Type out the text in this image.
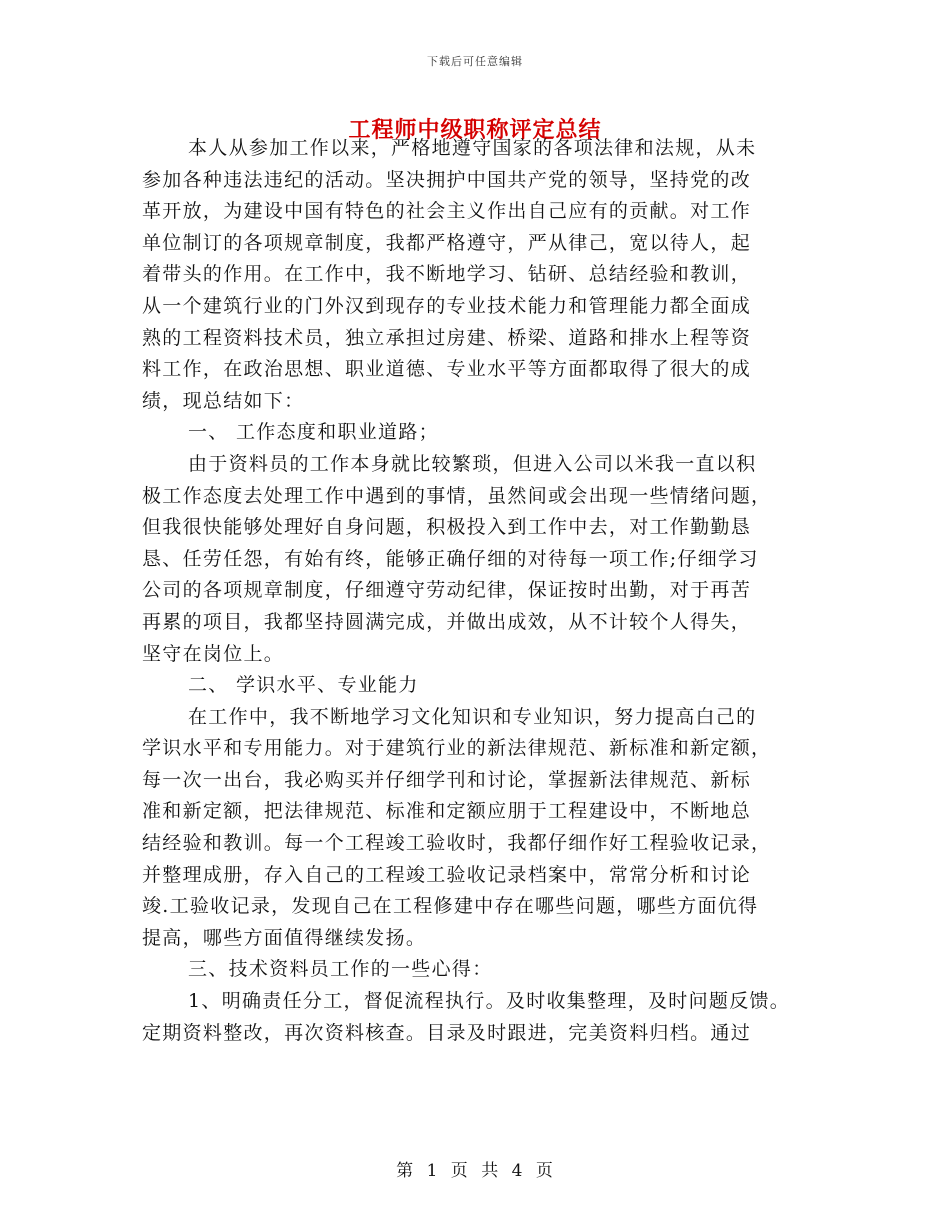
下载后可任意编辑
工程师中级职称评定总结
本人从参加工作以来，严格地遵守国家的各项法律和法规，从未
参加各种违法违纪的活动。坚决拥护中国共产党的领导，坚持党的改
革开放，为建设中国有特色的社会主义作出自己应有的贡献。对工作
单位制订的各项规章制度，我都严格遵守，严从律己，宽以待人，起
着带头的作用。在工作中，我不断地学习、钻研、总结经验和教训，
从一个建筑行业的门外汉到现存的专业技术能力和管理能力都全面成
熟的工程资料技术员，独立承担过房建、桥梁、道路和排水上程等资
料工作，在政治思想、职业道德、专业水平等方面都取得了很大的成
绩，现总结如下：
一、 工作态度和职业道路；
由于资料员的工作本身就比较繁琐，但进入公司以米我一直以积
极工作态度去处理工作中遇到的事情，虽然间或会出现一些情绪问题，
但我很快能够处理好自身问题，积极投入到工作中去，对工作勤勤恳
恳、任劳任怨，有始有终，能够正确仔细的对待每一项工作;仔细学习
公司的各项规章制度，仔细遵守劳动纪律，保证按时出勤，对于再苦
再累的项目，我都坚持圆满完成，并做出成效，从不计较个人得失，
坚守在岗位上。
二、 学识水平、专业能力
在工作中，我不断地学习文化知识和专业知识，努力提高白己的
学识水平和专用能力。对于建筑行业的新法律规范、新标准和新定额，
每一次一出台，我必购买并仔细学刊和讨论，掌握新法律规范、新标
准和新定额，把法律规范、标准和定额应朋于工程建设中，不断地总
结经验和教训。每一个工程竣工验收时，我都仔细作好工程验收记录，
并整理成册，存入自己的工程竣工验收记录档案中，常常分析和讨论
竣.工验收记录，发现自己在工程修建中存在哪些问题，哪些方面伉得
提高，哪些方面值得继续发扬。
三、技术资料员工作的一些心得：
1、明确责任分工，督促流程执行。及时收集整理，及时问题反馈。
定期资料整改，再次资料核查。目录及时跟进，完美资料归档。通过
第 1 页 共 4 页
